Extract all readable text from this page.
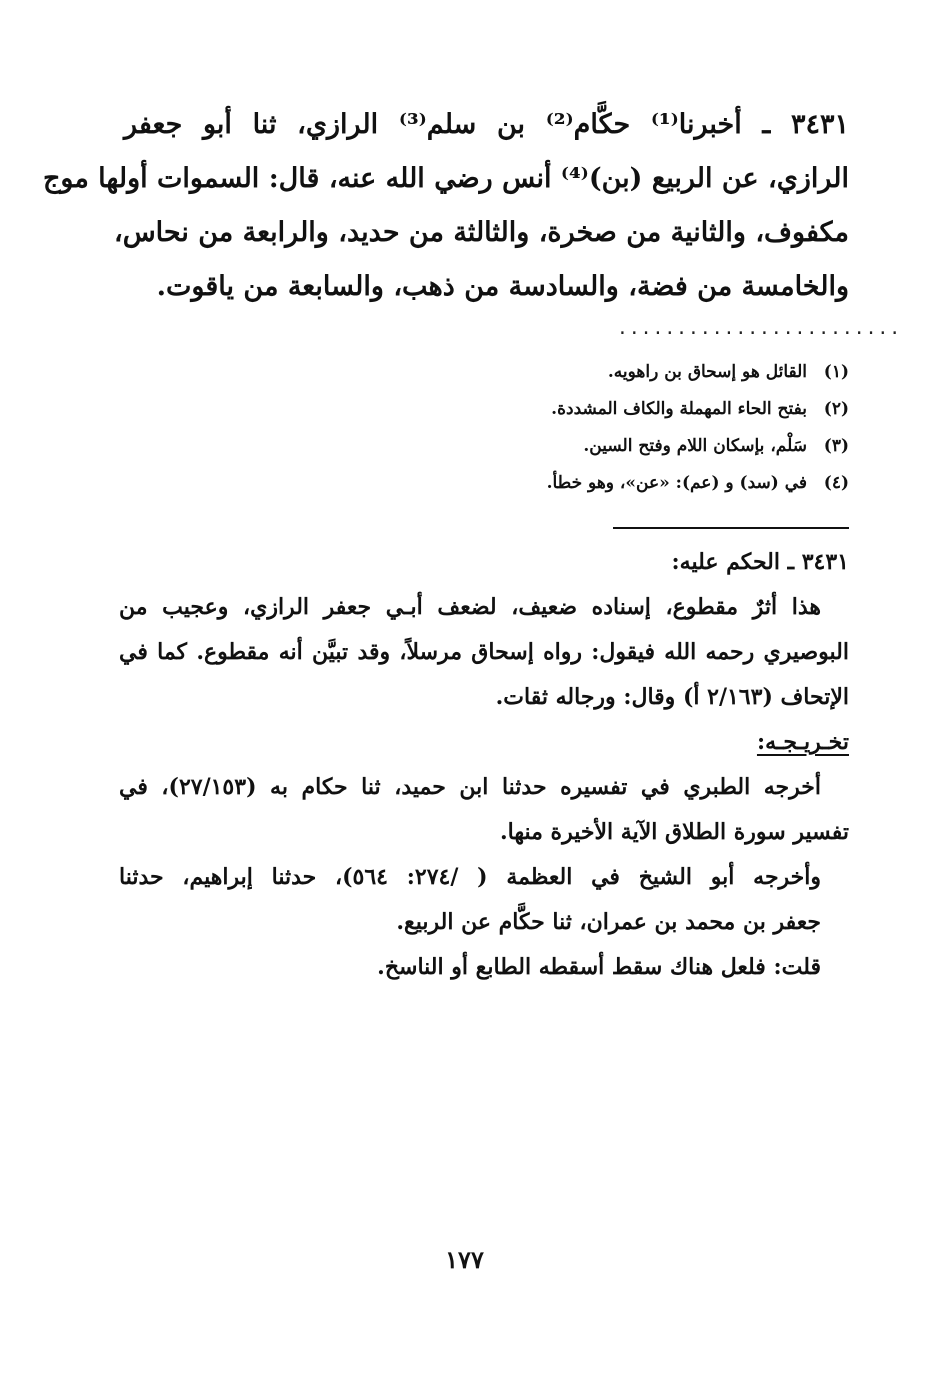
٣٤٣١ ـ أخبرنا⁽¹⁾ حكَّام⁽²⁾ بن سلم⁽³⁾ الرازي، ثنا أبو جعفر
الرازي، عن الربيع (بن)⁽⁴⁾ أنس رضي الله عنه، قال: السموات أولها موج
مكفوف، والثانية من صخرة، والثالثة من حديد، والرابعة من نحاس،
والخامسة من فضة، والسادسة من ذهب، والسابعة من ياقوت.
........................
(١)القائل هو إسحاق بن راهويه.
(٢)بفتح الحاء المهملة والكاف المشددة.
(٣)سَلْم، بإسكان اللام وفتح السين.
(٤)في (سد) و (عم): «عن»، وهو خطأ.
٣٤٣١ ـ الحكم عليه:
هذا أثرٌ مقطوع، إسناده ضعيف، لضعف أبـي جعفر الرازي، وعجيب من
البوصيري رحمه الله فيقول: رواه إسحاق مرسلاً، وقد تبيَّن أنه مقطوع. كما في
الإتحاف (٢/١٦٣ أ) وقال: ورجاله ثقات.
تخـريـجـه:
أخرجه الطبري في تفسيره حدثنا ابن حميد، ثنا حكام به (٢٧/١٥٣)، في
تفسير سورة الطلاق الآية الأخيرة منها.
وأخرجه أبو الشيخ في العظمة ( /٢٧٤: ٥٦٤)، حدثنا إبراهيم، حدثنا
جعفر بن محمد بن عمران، ثنا حكَّام عن الربيع.
قلت: فلعل هناك سقط أسقطه الطابع أو الناسخ.
١٧٧
